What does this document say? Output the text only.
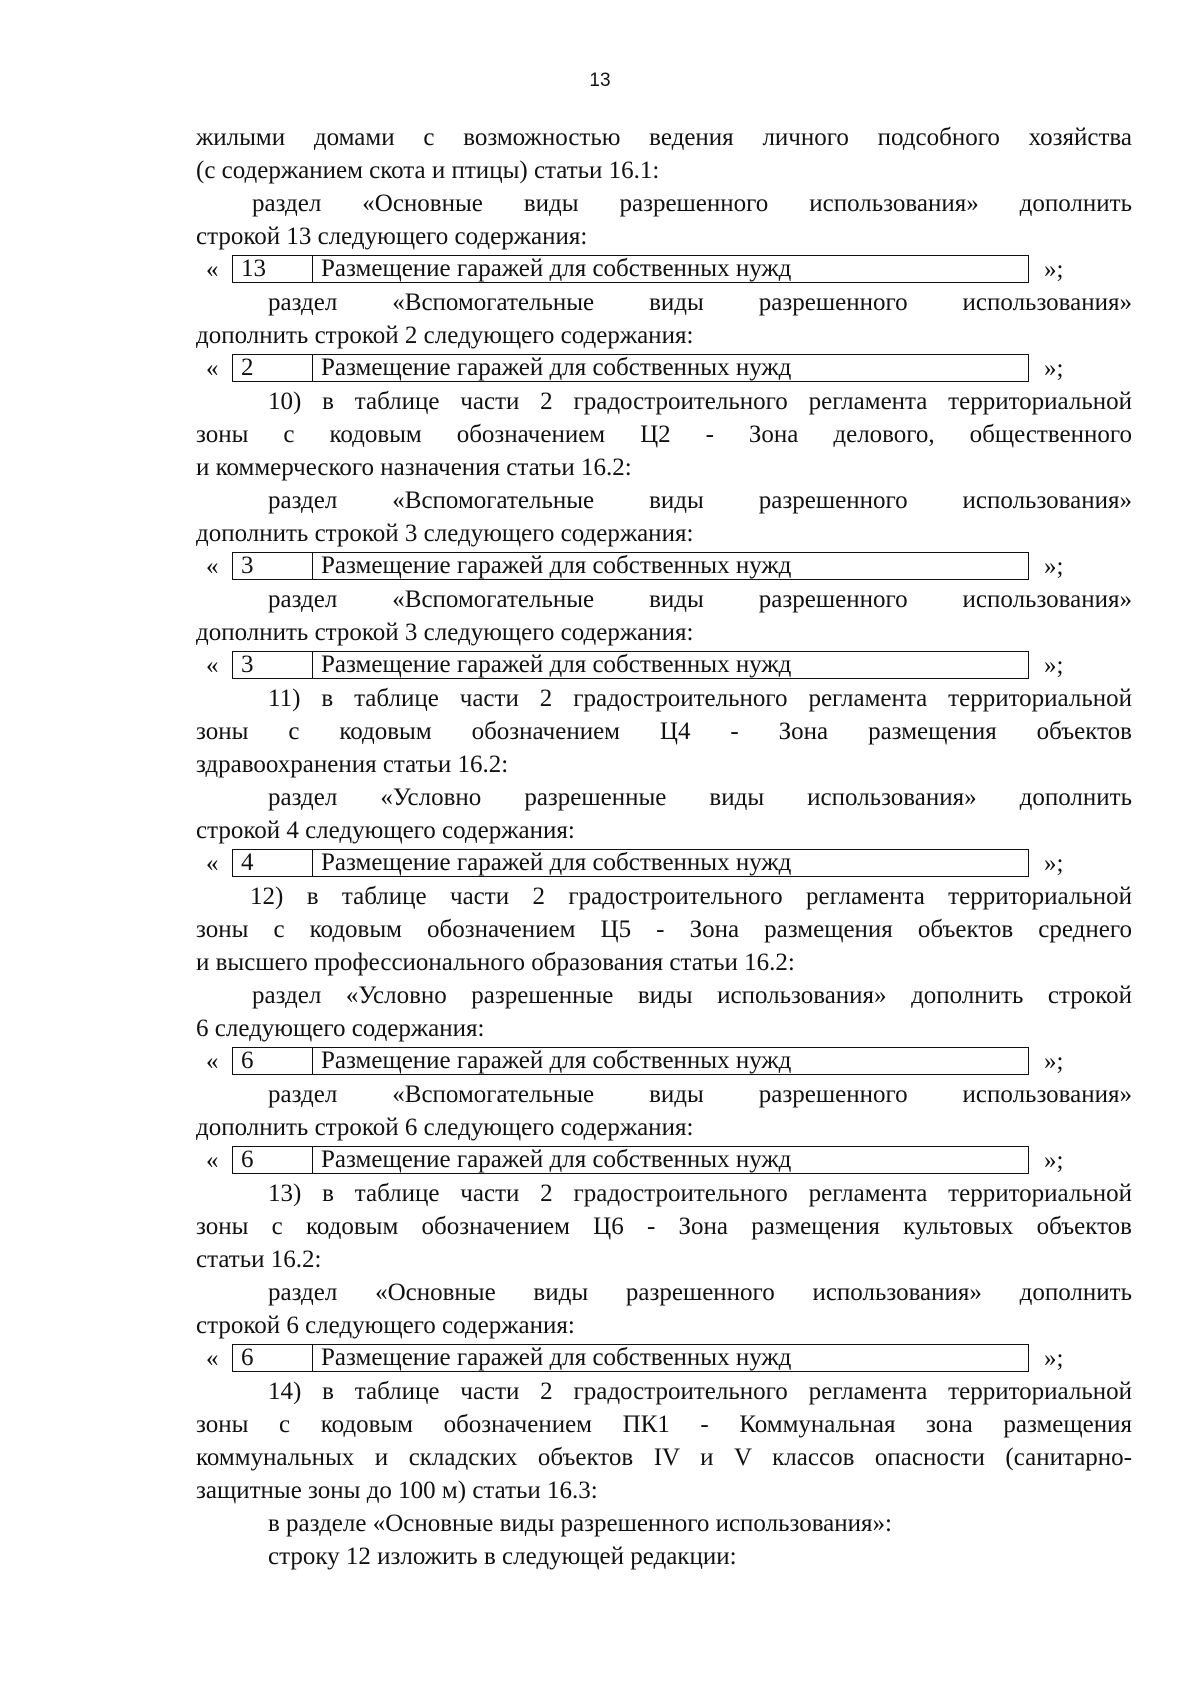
13

жилыми домами с возможностью ведения личного подсобного хозяйства

(с содержанием скота и птицы) статьи 16.1:

раздел «Основные виды разрешенного использования» дополнить

строкой 13 следующего содержания:

« 13	Размещение гаражей для собственных нужд	»;

раздел «Вспомогательные виды разрешенного использования»

дополнить строкой 2 следующего содержания:

« 2	Размещение гаражей для собственных нужд	»;

10) в таблице части 2 градостроительного регламента территориальной

зоны с кодовым обозначением Ц2 - Зона делового, общественного

и коммерческого назначения статьи 16.2:

раздел «Вспомогательные виды разрешенного использования»

дополнить строкой 3 следующего содержания:

« 3	Размещение гаражей для собственных нужд	»;

раздел «Вспомогательные виды разрешенного использования»

дополнить строкой 3 следующего содержания:

« 3	Размещение гаражей для собственных нужд	»;

11) в таблице части 2 градостроительного регламента территориальной

зоны с кодовым обозначением Ц4 - Зона размещения объектов

здравоохранения статьи 16.2:

раздел «Условно разрешенные виды использования» дополнить

строкой 4 следующего содержания:

« 4	Размещение гаражей для собственных нужд	»;

12) в таблице части 2 градостроительного регламента территориальной

зоны с кодовым обозначением Ц5 - Зона размещения объектов среднего

и высшего профессионального образования статьи 16.2:

раздел «Условно разрешенные виды использования» дополнить строкой

6 следующего содержания:

« 6	Размещение гаражей для собственных нужд	»;

раздел «Вспомогательные виды разрешенного использования»

дополнить строкой 6 следующего содержания:

« 6	Размещение гаражей для собственных нужд	»;

13) в таблице части 2 градостроительного регламента территориальной

зоны с кодовым обозначением Ц6 - Зона размещения культовых объектов

статьи 16.2:

раздел «Основные виды разрешенного использования» дополнить

строкой 6 следующего содержания:

« 6	Размещение гаражей для собственных нужд	»;

14) в таблице части 2 градостроительного регламента территориальной

зоны с кодовым обозначением ПК1 - Коммунальная зона размещения

коммунальных и складских объектов IV и V классов опасности (санитарно-

защитные зоны до 100 м) статьи 16.3:

в разделе «Основные виды разрешенного использования»:

строку 12 изложить в следующей редакции:
